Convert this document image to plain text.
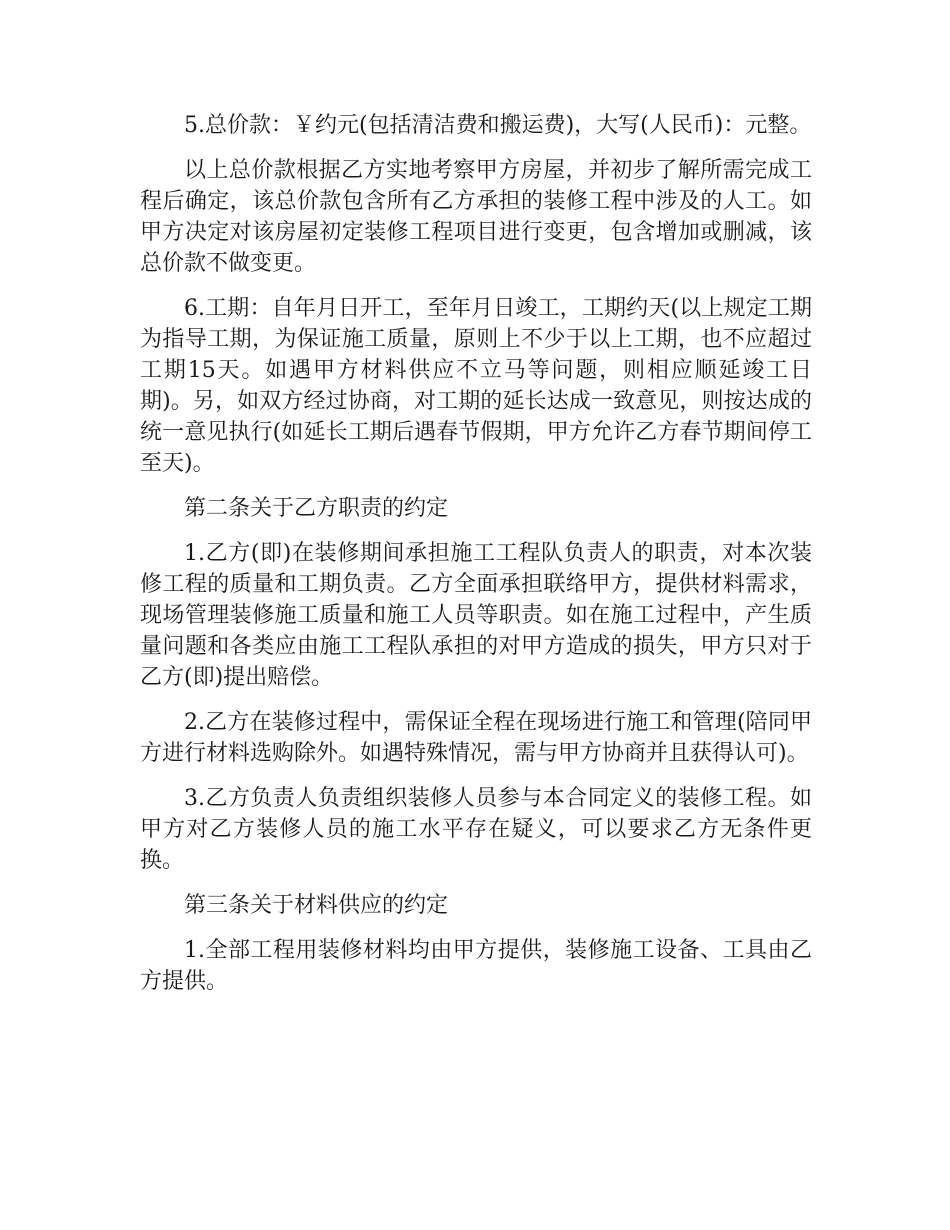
5.总价款：￥约元(包括清洁费和搬运费)，大写(人民币)：元整。

以上总价款根据乙方实地考察甲方房屋，并初步了解所需完成工程后确定，该总价款包含所有乙方承担的装修工程中涉及的人工。如甲方决定对该房屋初定装修工程项目进行变更，包含增加或删减，该总价款不做变更。

6.工期：自年月日开工，至年月日竣工，工期约天(以上规定工期为指导工期，为保证施工质量，原则上不少于以上工期，也不应超过工期15天。如遇甲方材料供应不立马等问题，则相应顺延竣工日期)。另，如双方经过协商，对工期的延长达成一致意见，则按达成的统一意见执行(如延长工期后遇春节假期，甲方允许乙方春节期间停工至天)。

第二条关于乙方职责的约定

1.乙方(即)在装修期间承担施工工程队负责人的职责，对本次装修工程的质量和工期负责。乙方全面承担联络甲方，提供材料需求，现场管理装修施工质量和施工人员等职责。如在施工过程中，产生质量问题和各类应由施工工程队承担的对甲方造成的损失，甲方只对于乙方(即)提出赔偿。

2.乙方在装修过程中，需保证全程在现场进行施工和管理(陪同甲方进行材料选购除外。如遇特殊情况，需与甲方协商并且获得认可)。

3.乙方负责人负责组织装修人员参与本合同定义的装修工程。如甲方对乙方装修人员的施工水平存在疑义，可以要求乙方无条件更换。

第三条关于材料供应的约定

1.全部工程用装修材料均由甲方提供，装修施工设备、工具由乙方提供。
